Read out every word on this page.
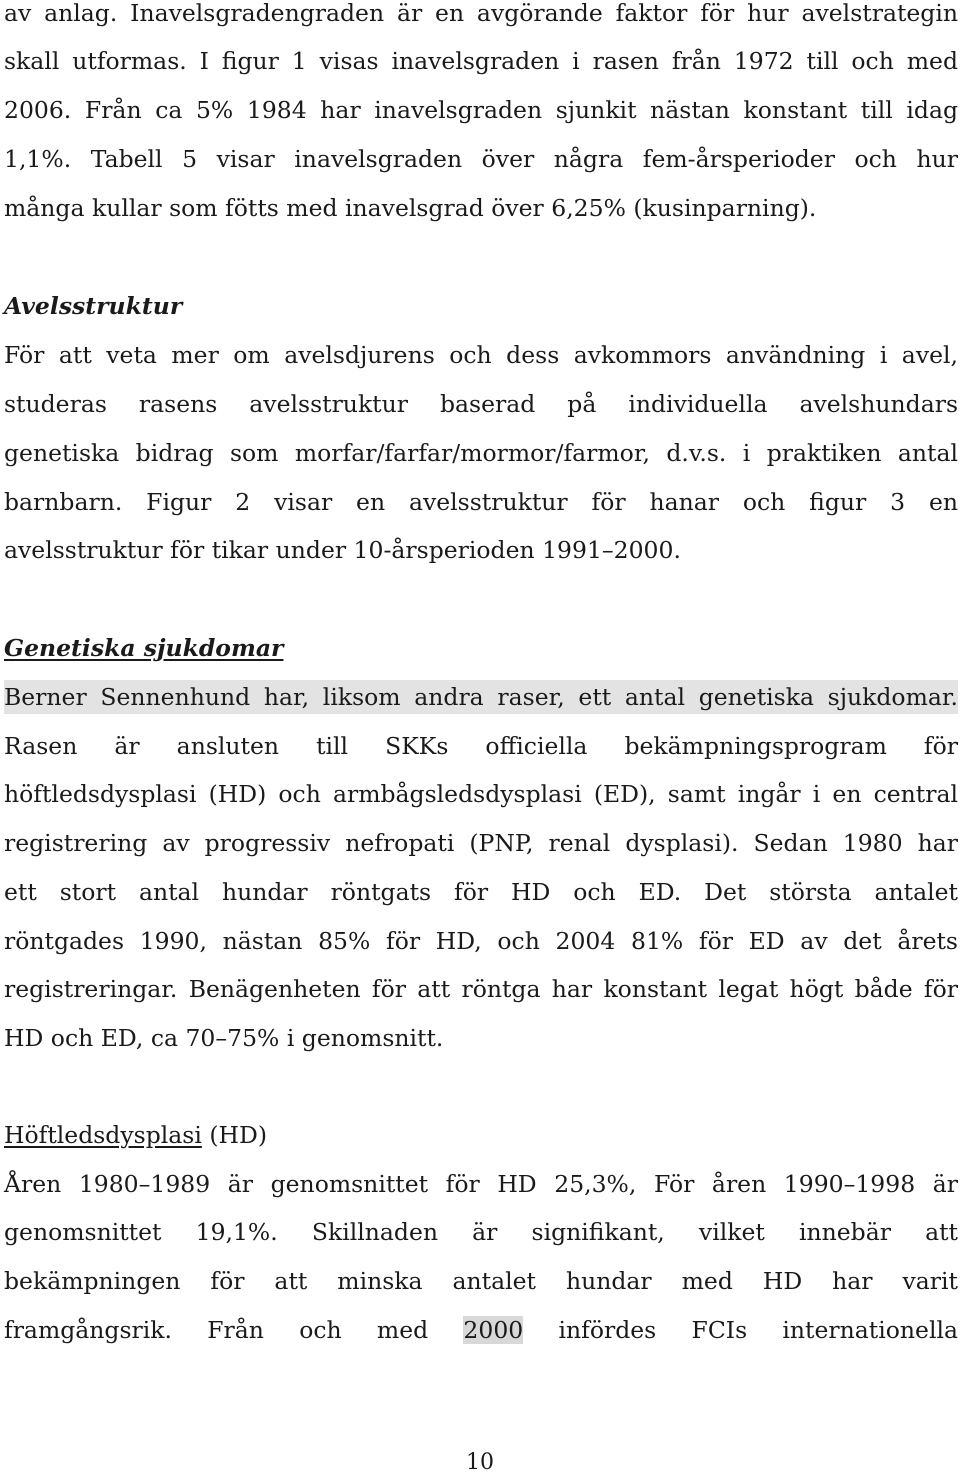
av anlag. Inavelsgradengraden är en avgörande faktor för hur avelstrategin
skall utformas. I figur 1 visas inavelsgraden i rasen från 1972 till och med
2006. Från ca 5% 1984 har inavelsgraden sjunkit nästan konstant till idag
1,1%. Tabell 5 visar inavelsgraden över några fem-årsperioder och hur
många kullar som fötts med inavelsgrad över 6,25% (kusinparning).
Avelsstruktur
För att veta mer om avelsdjurens och dess avkommors användning i avel,
studeras rasens avelsstruktur baserad på individuella avelshundars
genetiska bidrag som morfar/farfar/mormor/farmor, d.v.s. i praktiken antal
barnbarn. Figur 2 visar en avelsstruktur för hanar och figur 3 en
avelsstruktur för tikar under 10-årsperioden 1991–2000.
Genetiska sjukdomar
Berner Sennenhund har, liksom andra raser, ett antal genetiska sjukdomar.
Rasen är ansluten till SKKs officiella bekämpningsprogram för
höftledsdysplasi (HD) och armbågsledsdysplasi (ED), samt ingår i en central
registrering av progressiv nefropati (PNP, renal dysplasi). Sedan 1980 har
ett stort antal hundar röntgats för HD och ED. Det största antalet
röntgades 1990, nästan 85% för HD, och 2004 81% för ED av det årets
registreringar. Benägenheten för att röntga har konstant legat högt både för
HD och ED, ca 70–75% i genomsnitt.
Höftledsdysplasi (HD)
Åren 1980–1989 är genomsnittet för HD 25,3%, För åren 1990–1998 är
genomsnittet 19,1%. Skillnaden är signifikant, vilket innebär att
bekämpningen för att minska antalet hundar med HD har varit
framgångsrik. Från och med 2000 infördes FCIs internationella
10
